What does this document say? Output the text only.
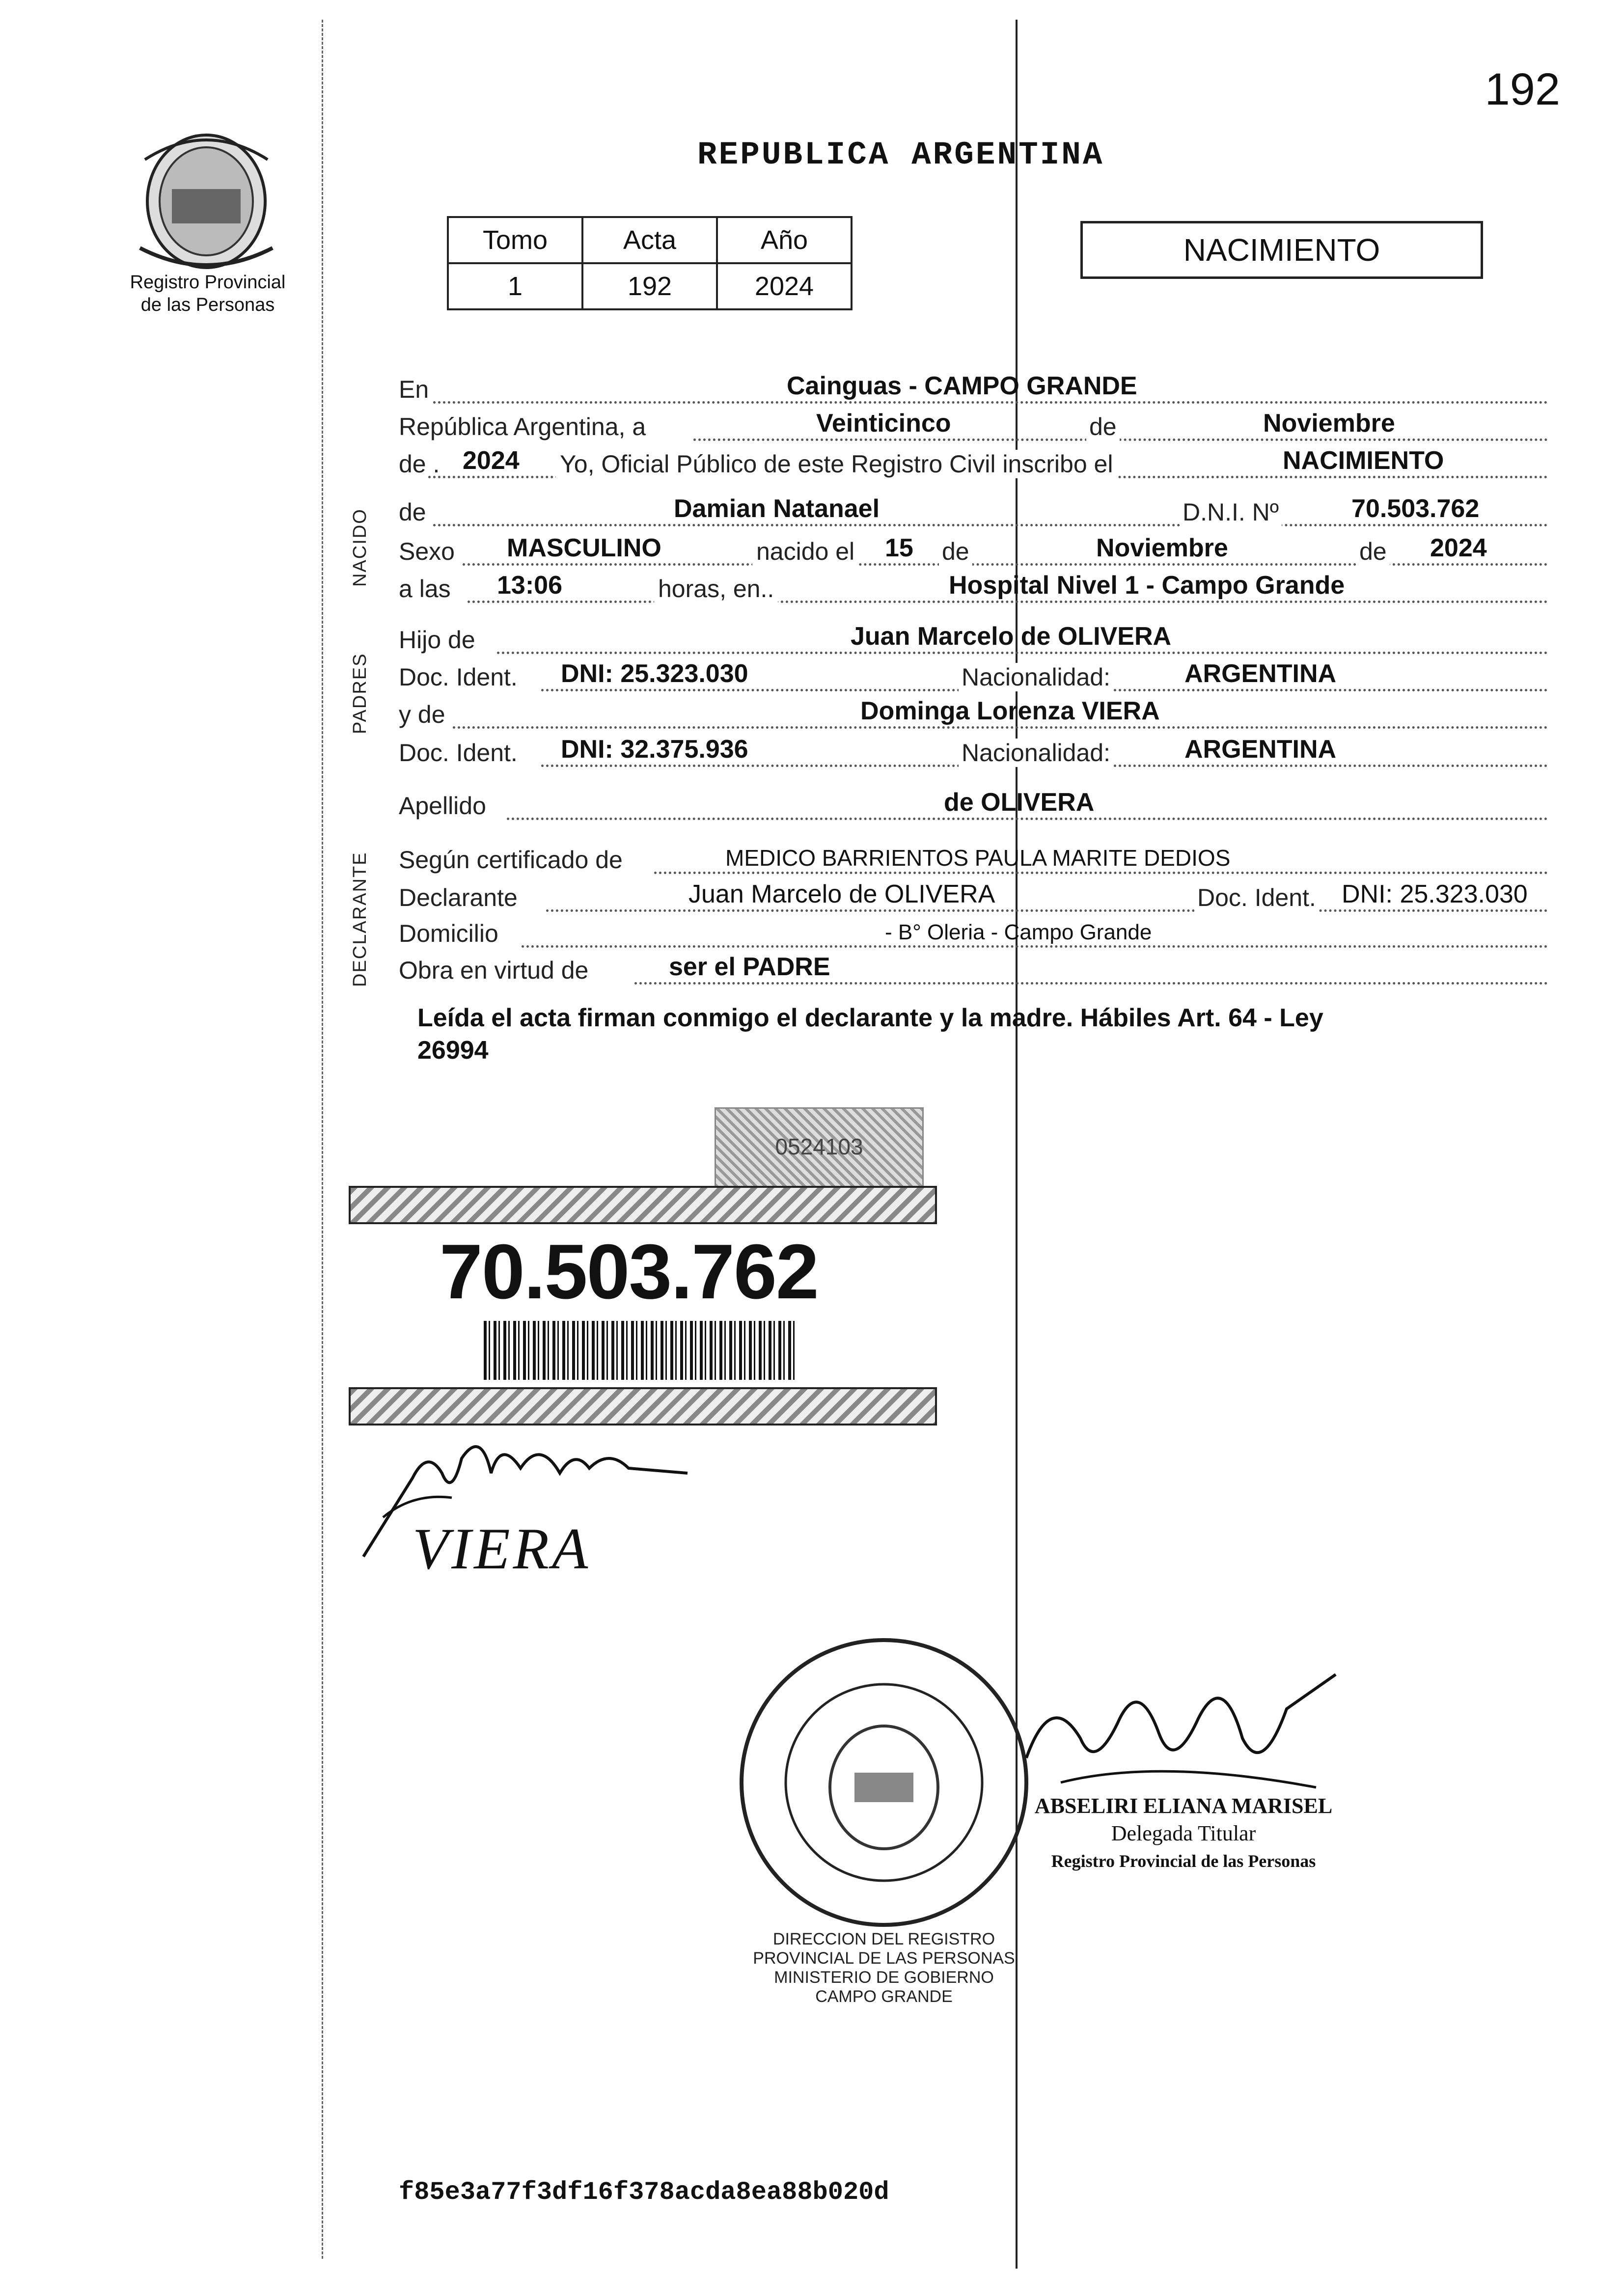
192
Registro Provincial
de las Personas
REPUBLICA ARGENTINA
Tomo	Acta	Año
1	192	2024
NACIMIENTO
NACIDO
PADRES
DECLARANTE
En	Cainguas - CAMPO GRANDE
República Argentina, a	Veinticinco	de	Noviembre
de . 2024 Yo, Oficial Público de este Registro Civil inscribo el	NACIMIENTO
de	Damian Natanael	D.N.I. Nº	70.503.762
Sexo MASCULINO	nacido el 15 de	Noviembre	de 2024
a las 13:06	horas, en..	Hospital Nivel 1 - Campo Grande
Hijo de	Juan Marcelo de OLIVERA
Doc. Ident. DNI: 25.323.030	Nacionalidad:	ARGENTINA
y de	Dominga Lorenza VIERA
Doc. Ident. DNI: 32.375.936	Nacionalidad:	ARGENTINA
Apellido	de OLIVERA
Según certificado de	MEDICO BARRIENTOS PAULA MARITE DEDIOS
Declarante	Juan Marcelo de OLIVERA	Doc. Ident. DNI: 25.323.030
Domicilio	- B° Oleria - Campo Grande
Obra en virtud de	ser el PADRE
Leída el acta firman conmigo el declarante y la madre. Hábiles Art. 64 - Ley
26994
0524103
70.503.762
VIERA
DIRECCION DEL REGISTRO PROVINCIAL DE LAS PERSONAS
MINISTERIO DE GOBIERNO
CAMPO GRANDE
ABSELIRI ELIANA MARISEL
Delegada Titular
Registro Provincial de las Personas
f85e3a77f3df16f378acda8ea88b020d
